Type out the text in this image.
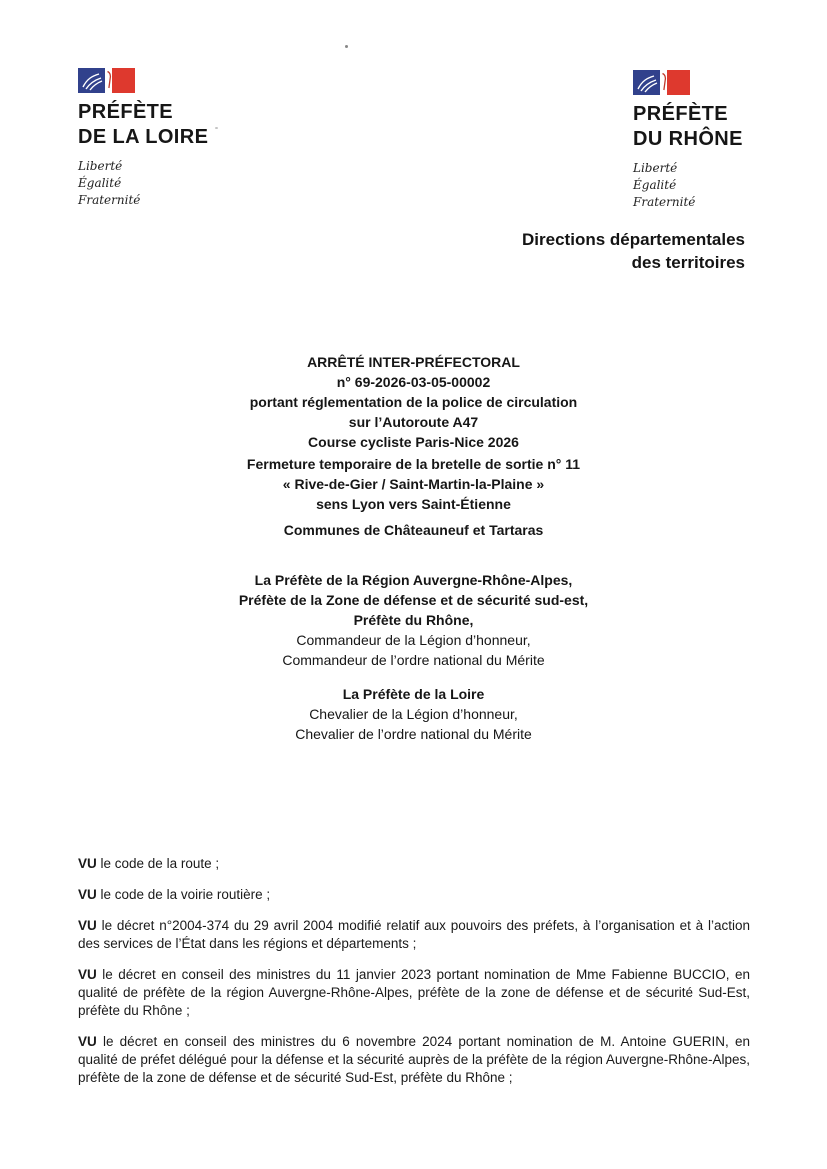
PRÉFÈTE
DE LA LOIRE
Liberté
Égalité
Fraternité
PRÉFÈTE
DU RHÔNE
Liberté
Égalité
Fraternité
Directions départementales
des territoires
ARRÊTÉ INTER-PRÉFECTORAL
n° 69-2026-03-05-00002
portant réglementation de la police de circulation
sur l’Autoroute A47
Course cycliste Paris-Nice 2026
Fermeture temporaire de la bretelle de sortie n° 11
« Rive-de-Gier / Saint-Martin-la-Plaine »
sens Lyon vers Saint-Étienne
Communes de Châteauneuf et Tartaras
La Préfète de la Région Auvergne-Rhône-Alpes,
Préfète de la Zone de défense et de sécurité sud-est,
Préfète du Rhône,
Commandeur de la Légion d’honneur,
Commandeur de l’ordre national du Mérite
La Préfète de la Loire
Chevalier de la Légion d’honneur,
Chevalier de l’ordre national du Mérite

VU le code de la route ;

VU le code de la voirie routière ;

VU le décret n°2004-374 du 29 avril 2004 modifié relatif aux pouvoirs des préfets, à l’organisation et à l’action des services de l’État dans les régions et départements ;

VU le décret en conseil des ministres du 11 janvier 2023 portant nomination de Mme Fabienne BUCCIO, en qualité de préfète de la région Auvergne-Rhône-Alpes, préfète de la zone de défense et de sécurité Sud-Est, préfète du Rhône ;

VU le décret en conseil des ministres du 6 novembre 2024 portant nomination de M. Antoine GUERIN, en qualité de préfet délégué pour la défense et la sécurité auprès de la préfète de la région Auvergne-Rhône-Alpes, préfète de la zone de défense et de sécurité Sud-Est, préfète du Rhône ;
